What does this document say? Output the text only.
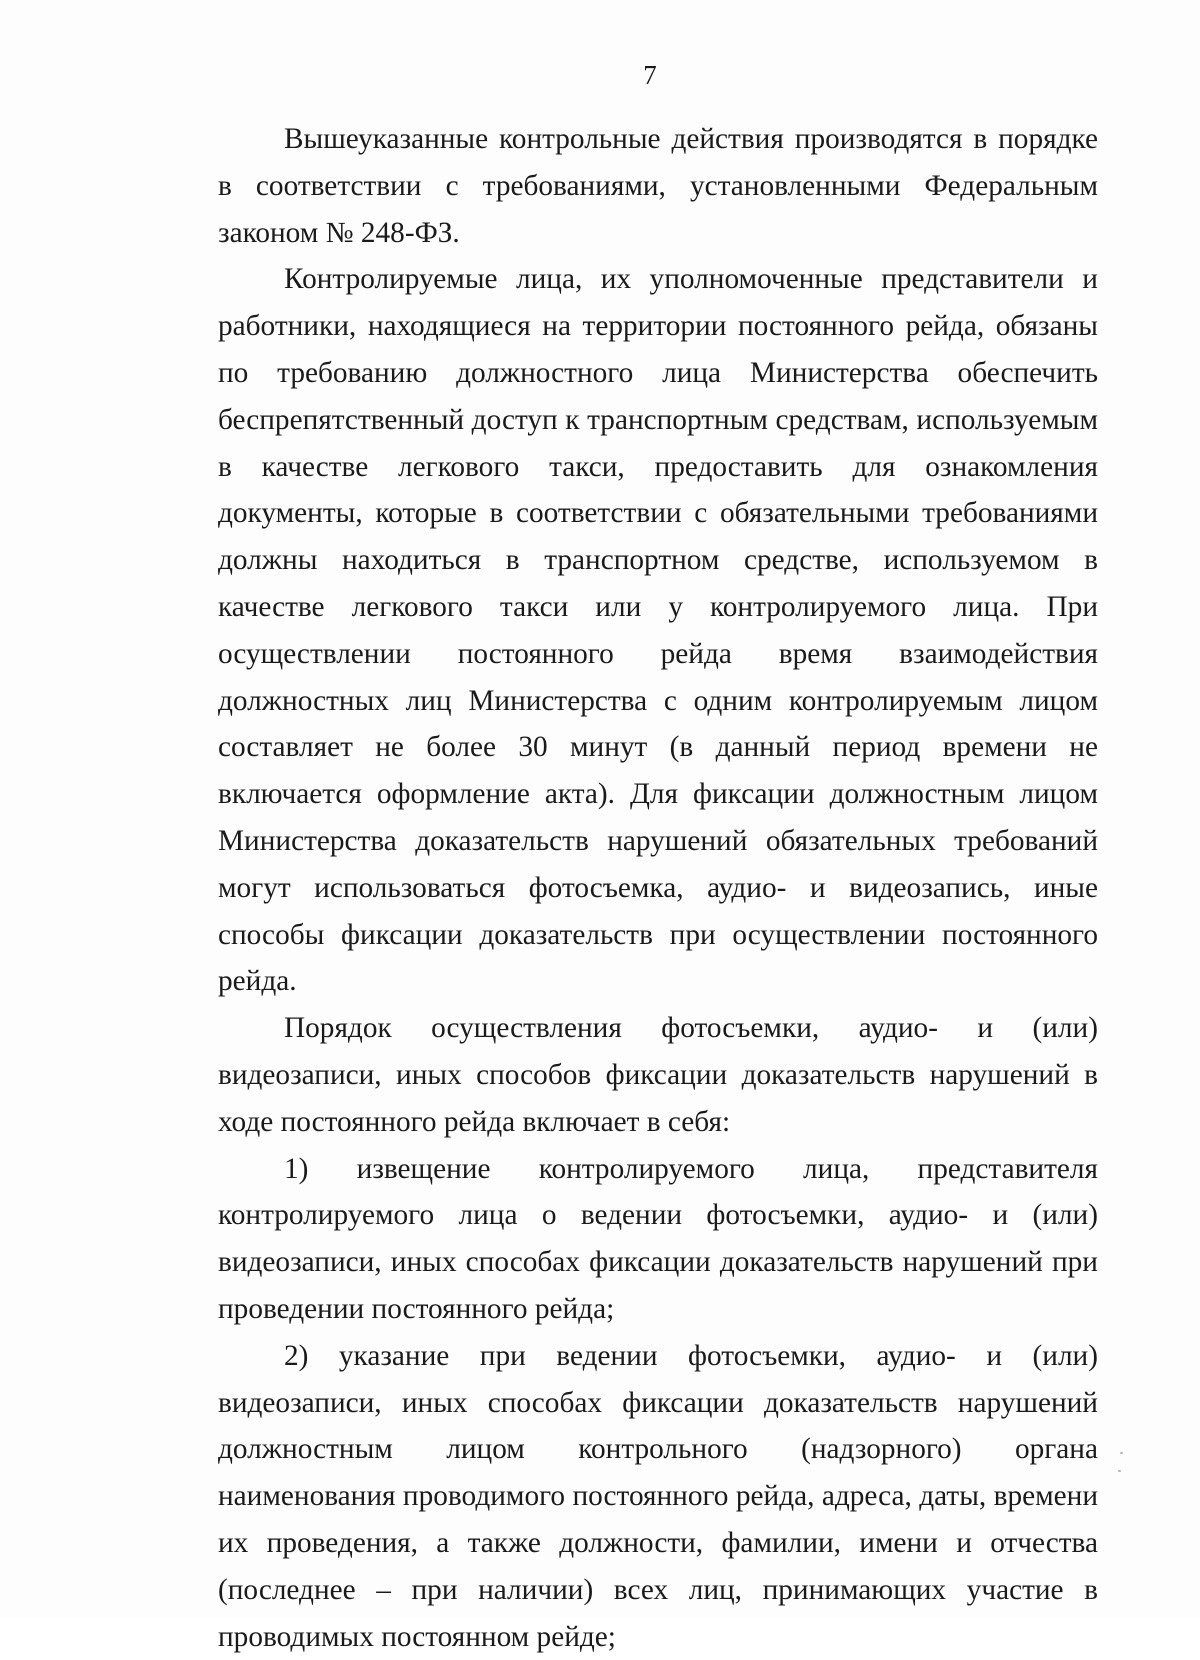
7

Вышеуказанные контрольные действия производятся в порядке в соответствии с требованиями, установленными Федеральным законом № 248-ФЗ.

Контролируемые лица, их уполномоченные представители и работники, находящиеся на территории постоянного рейда, обязаны по требованию должностного лица Министерства обеспечить беспрепятственный доступ к транспортным средствам, используемым в качестве легкового такси, предоставить для ознакомления документы, которые в соответствии с обязательными требованиями должны находиться в транспортном средстве, используемом в качестве легкового такси или у контролируемого лица. При осуществлении постоянного рейда время взаимодействия должностных лиц Министерства с одним контролируемым лицом составляет не более 30 минут (в данный период времени не включается оформление акта). Для фиксации должностным лицом Министерства доказательств нарушений обязательных требований могут использоваться фотосъемка, аудио- и видеозапись, иные способы фиксации доказательств при осуществлении постоянного рейда.

Порядок осуществления фотосъемки, аудио- и (или) видеозаписи, иных способов фиксации доказательств нарушений в ходе постоянного рейда включает в себя:

1) извещение контролируемого лица, представителя контролируемого лица о ведении фотосъемки, аудио- и (или) видеозаписи, иных способах фиксации доказательств нарушений при проведении постоянного рейда;

2) указание при ведении фотосъемки, аудио- и (или) видеозаписи, иных способах фиксации доказательств нарушений должностным лицом контрольного (надзорного) органа наименования проводимого постоянного рейда, адреса, даты, времени их проведения, а также должности, фамилии, имени и отчества (последнее – при наличии) всех лиц, принимающих участие в проводимых постоянном рейде;
